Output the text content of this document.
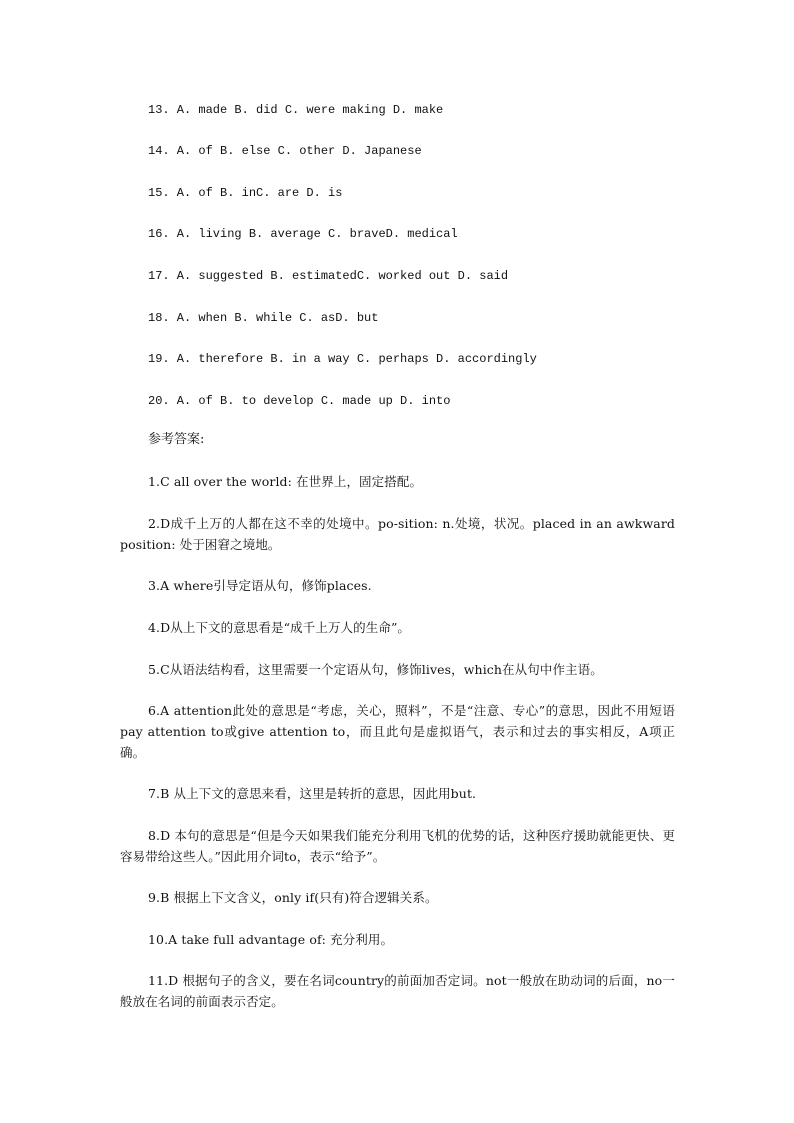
13. A. made B. did C. were making D. make

14. A. of B. else C. other D. Japanese

15. A. of B. inC. are D. is

16. A. living B. average C. braveD. medical

17. A. suggested B. estimatedC. worked out D. said

18. A. when B. while C. asD. but

19. A. therefore B. in a way C. perhaps D. accordingly

20. A. of B. to develop C. made up D. into

参考答案:

1.C all over the world: 在世界上，固定搭配。

2.D成千上万的人都在这不幸的处境中。po-sition: n.处境，状况。placed in an awkward position: 处于困窘之境地。

3.A where引导定语从句，修饰places.

4.D从上下文的意思看是“成千上万人的生命”。

5.C从语法结构看，这里需要一个定语从句，修饰lives，which在从句中作主语。

6.A attention此处的意思是“考虑，关心，照料”，不是“注意、专心”的意思，因此不用短语pay attention to或give attention to，而且此句是虚拟语气，表示和过去的事实相反，A项正确。

7.B 从上下文的意思来看，这里是转折的意思，因此用but.

8.D 本句的意思是“但是今天如果我们能充分利用飞机的优势的话，这种医疗援助就能更快、更容易带给这些人。”因此用介词to，表示“给予”。

9.B 根据上下文含义，only if(只有)符合逻辑关系。

10.A take full advantage of: 充分利用。

11.D 根据句子的含义，要在名词country的前面加否定词。not一般放在助动词的后面，no一般放在名词的前面表示否定。
